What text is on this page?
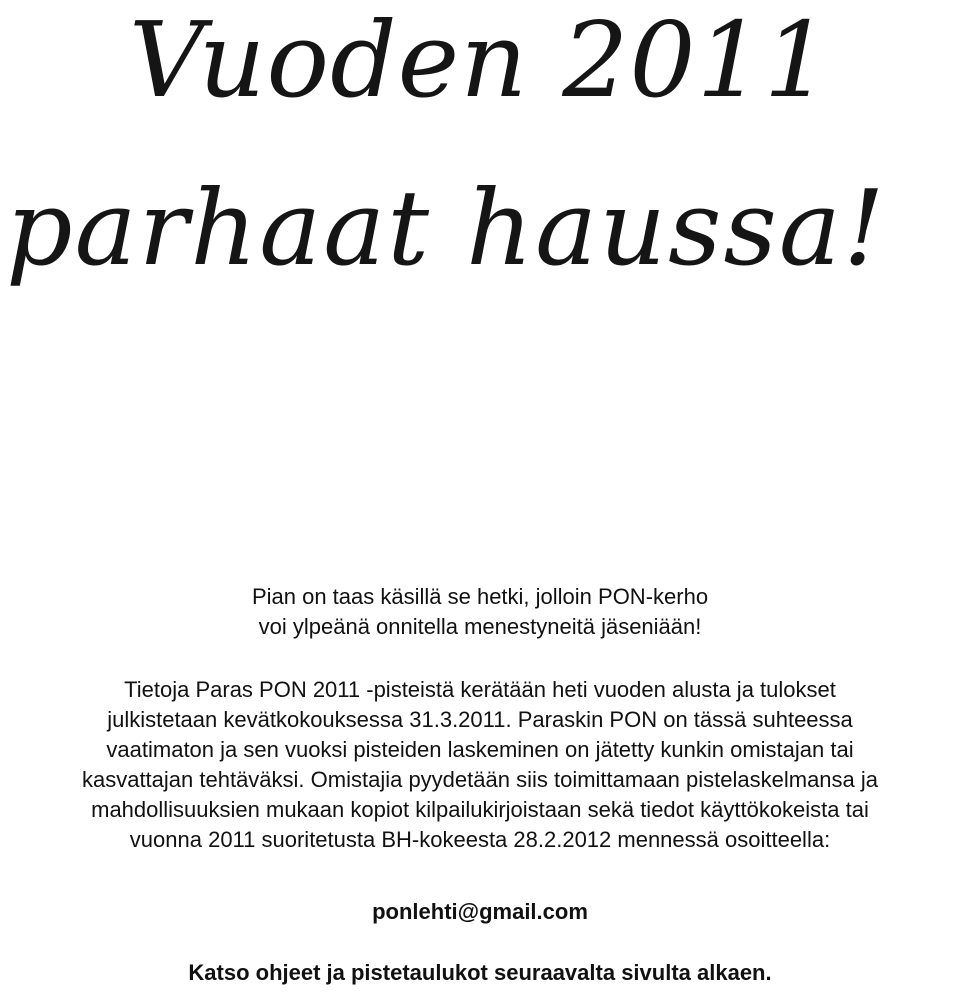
Vuoden 2011
parhaat haussa!

Pian on taas käsillä se hetki, jolloin PON-kerho
voi ylpeänä onnitella menestyneitä jäseniään!

Tietoja Paras PON 2011 -pisteistä kerätään heti vuoden alusta ja tulokset
julkistetaan kevätkokouksessa 31.3.2011. Paraskin PON on tässä suhteessa
vaatimaton ja sen vuoksi pisteiden laskeminen on jätetty kunkin omistajan tai
kasvattajan tehtäväksi. Omistajia pyydetään siis toimittamaan pistelaskelmansa ja
mahdollisuuksien mukaan kopiot kilpailukirjoistaan sekä tiedot käyttökokeista tai
vuonna 2011 suoritetusta BH-kokeesta 28.2.2012 mennessä osoitteella:

ponlehti@gmail.com
Katso ohjeet ja pistetaulukot seuraavalta sivulta alkaen.
